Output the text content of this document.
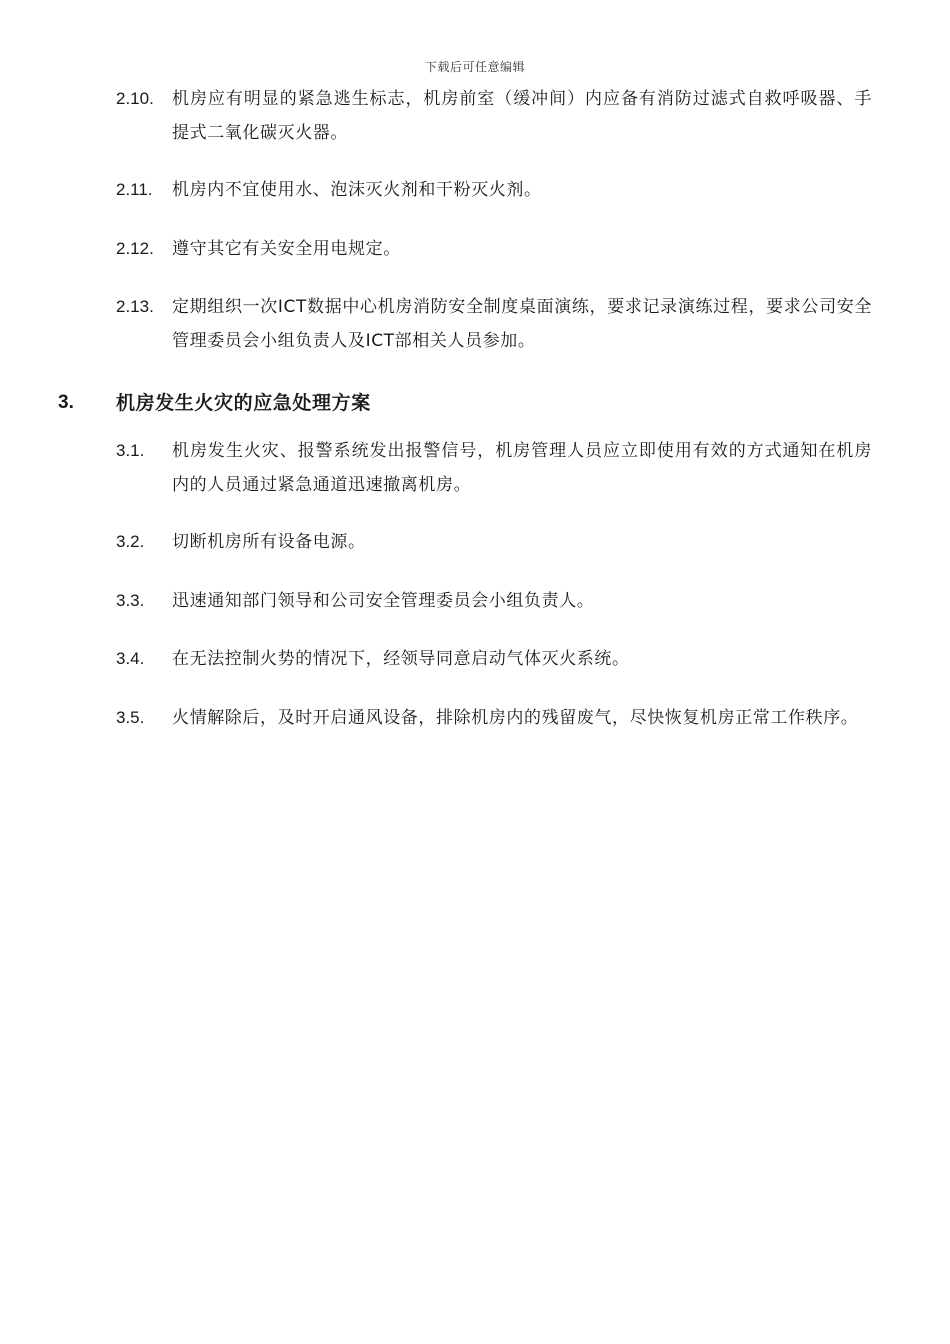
下载后可任意编辑
2.10. 机房应有明显的紧急逃生标志，机房前室（缓冲间）内应备有消防过滤式自救呼吸器、手提式二氧化碳灭火器。
2.11. 机房内不宜使用水、泡沫灭火剂和干粉灭火剂。
2.12. 遵守其它有关安全用电规定。
2.13. 定期组织一次ICT数据中心机房消防安全制度桌面演练，要求记录演练过程，要求公司安全管理委员会小组负责人及ICT部相关人员参加。
3. 机房发生火灾的应急处理方案
3.1. 机房发生火灾、报警系统发出报警信号，机房管理人员应立即使用有效的方式通知在机房内的人员通过紧急通道迅速撤离机房。
3.2. 切断机房所有设备电源。
3.3. 迅速通知部门领导和公司安全管理委员会小组负责人。
3.4. 在无法控制火势的情况下，经领导同意启动气体灭火系统。
3.5. 火情解除后，及时开启通风设备，排除机房内的残留废气，尽快恢复机房正常工作秩序。
